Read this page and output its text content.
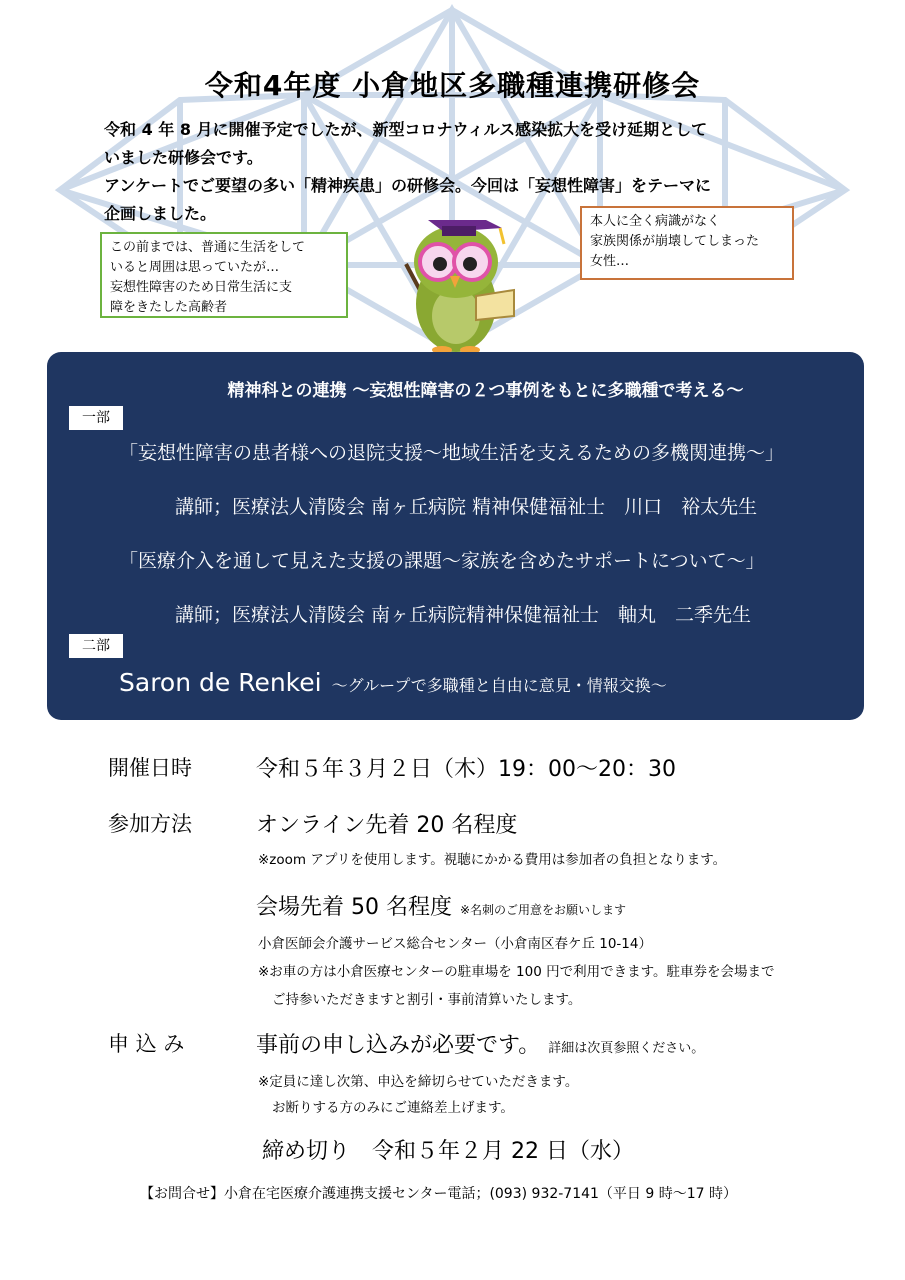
令和4年度 小倉地区多職種連携研修会
令和 4 年 8 月に開催予定でしたが、新型コロナウィルス感染拡大を受け延期として
いました研修会です。
アンケートでご要望の多い「精神疾患」の研修会。今回は「妄想性障害」をテーマに
企画しました。
この前までは、普通に生活をして
いると周囲は思っていたが…
妄想性障害のため日常生活に支
障をきたした高齢者
本人に全く病識がなく
家族関係が崩壊してしまった
女性…
精神科との連携 ～妄想性障害の２つ事例をもとに多職種で考える～
一部
「妄想性障害の患者様への退院支援～地域生活を支えるための多機関連携～」
講師；医療法人清陵会 南ヶ丘病院 精神保健福祉士　川口　裕太先生
「医療介入を通して見えた支援の課題～家族を含めたサポートについて～」
講師；医療法人清陵会 南ヶ丘病院精神保健福祉士　軸丸　二季先生
二部
Saron de Renkei ～グループで多職種と自由に意見・情報交換～
開催日時	令和５年３月２日（木）19：00～20：30
参加方法	オンライン先着 20 名程度
※zoom アプリを使用します。視聴にかかる費用は参加者の負担となります。
会場先着 50 名程度 ※名刺のご用意をお願いします
小倉医師会介護サービス総合センター（小倉南区春ケ丘 10-14）
※お車の方は小倉医療センターの駐車場を 100 円で利用できます。駐車券を会場まで
ご持参いただきますと割引・事前清算いたします。
申 込 み	事前の申し込みが必要です。 詳細は次頁参照ください。
※定員に達し次第、申込を締切らせていただきます。
お断りする方のみにご連絡差上げます。
締め切り　令和５年２月 22 日（水）
【お問合せ】小倉在宅医療介護連携支援センター電話；(093) 932-7141（平日 9 時～17 時）
